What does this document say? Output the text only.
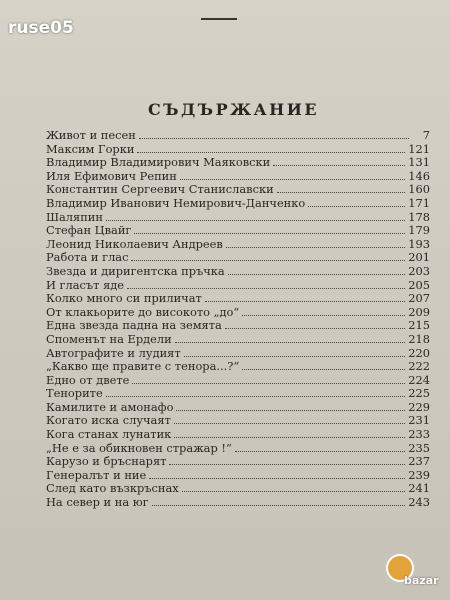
ruse05
СЪДЪРЖАНИЕ
Живот и песен	7
Максим Горки	121
Владимир Владимирович Маяковски	131
Иля Ефимович Репин	146
Константин Сергеевич Станиславски	160
Владимир Иванович Немирович-Данченко	171
Шаляпин	178
Стефан Цвайг	179
Леонид Николаевич Андреев	193
Работа и глас	201
Звезда и диригентска пръчка	203
И гласът яде	205
Колко много си приличат	207
От клакьорите до високото „до“	209
Една звезда падна на земята	215
Споменът на Ердели	218
Автографите и лудият	220
„Какво ще правите с тенора...?“	222
Едно от двете	224
Тенорите	225
Камилите и амонафо	229
Когато иска случаят	231
Кога станах лунатик	233
„Не е за обикновен стражар !“	235
Карузо и бръснарят	237
Генералът и ние	239
След като възкръснах	241
На север и на юг	243
bazar
